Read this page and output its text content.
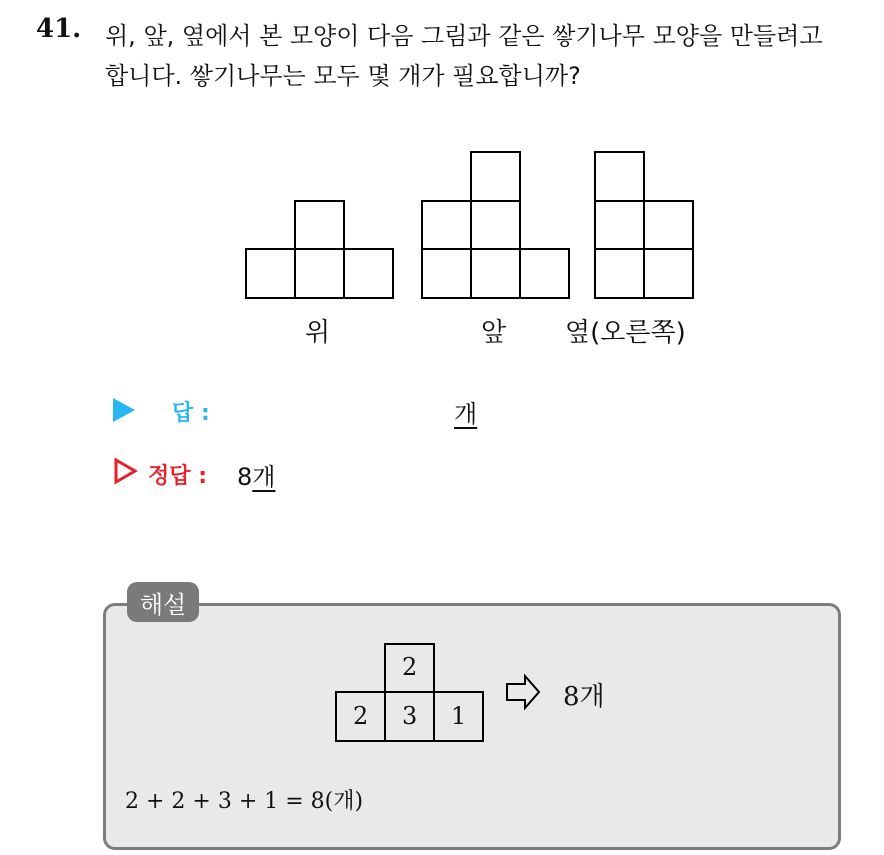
41. 위, 앞, 옆에서 본 모양이 다음 그림과 같은 쌓기나무 모양을 만들려고
합니다. 쌓기나무는 모두 몇 개가 필요합니까?
위	앞 옆(오른쪽)
답 :	개
정답 : 8개
해설
2
2 3 1
8개
2 + 2 + 3 + 1 = 8(개)
